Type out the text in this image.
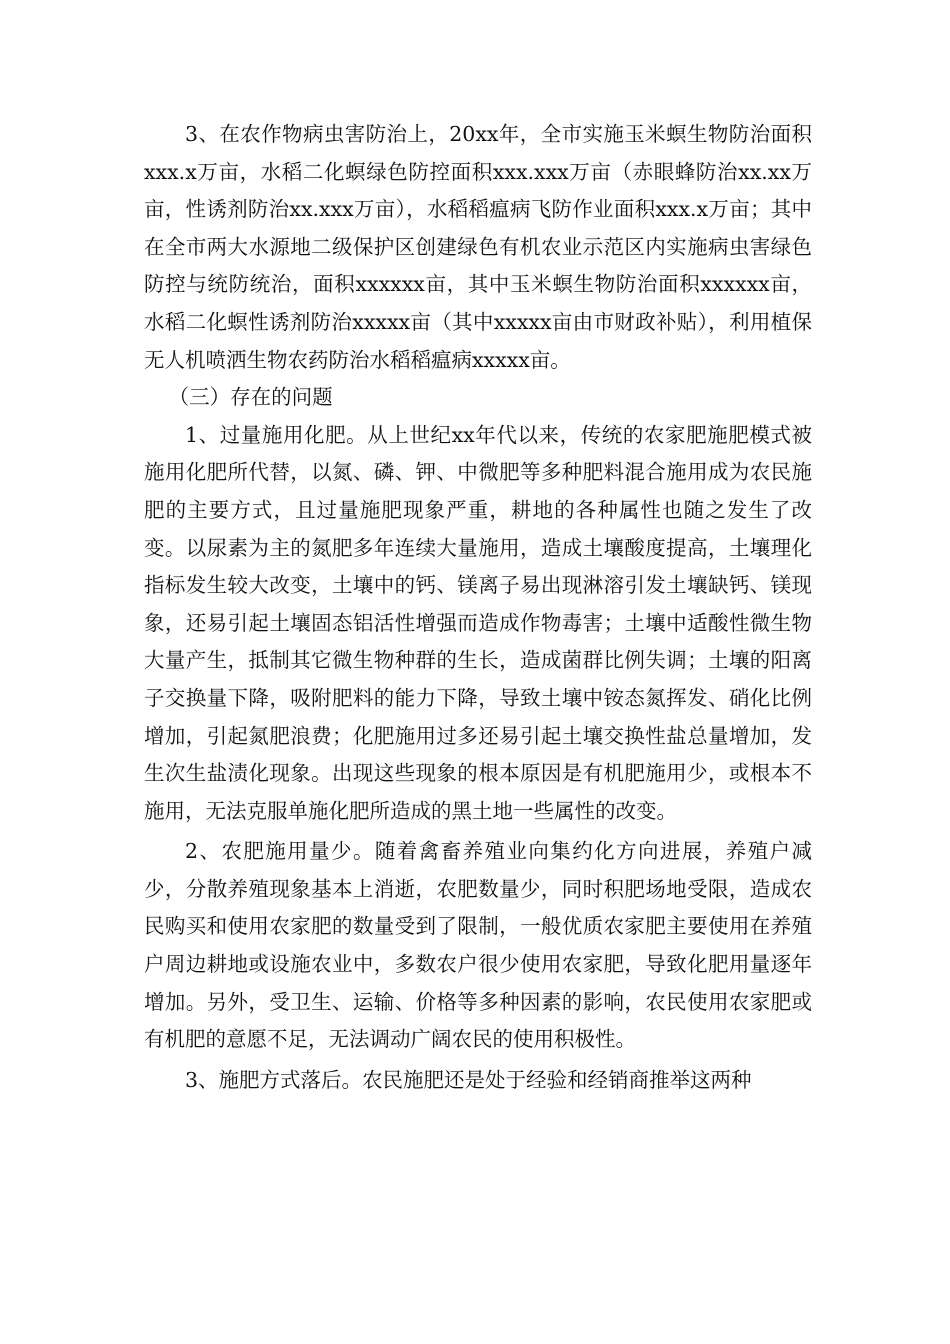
3、在农作物病虫害防治上，20xx年，全市实施玉米螟生物防治面积xxx.x万亩，水稻二化螟绿色防控面积xxx.xxx万亩（赤眼蜂防治xx.xx万亩，性诱剂防治xx.xxx万亩），水稻稻瘟病飞防作业面积xxx.x万亩；其中在全市两大水源地二级保护区创建绿色有机农业示范区内实施病虫害绿色防控与统防统治，面积xxxxxx亩，其中玉米螟生物防治面积xxxxxx亩，水稻二化螟性诱剂防治xxxxx亩（其中xxxxx亩由市财政补贴），利用植保无人机喷洒生物农药防治水稻稻瘟病xxxxx亩。

（三）存在的问题

1、过量施用化肥。从上世纪xx年代以来，传统的农家肥施肥模式被施用化肥所代替，以氮、磷、钾、中微肥等多种肥料混合施用成为农民施肥的主要方式，且过量施肥现象严重，耕地的各种属性也随之发生了改变。以尿素为主的氮肥多年连续大量施用，造成土壤酸度提高，土壤理化指标发生较大改变，土壤中的钙、镁离子易出现淋溶引发土壤缺钙、镁现象，还易引起土壤固态铝活性增强而造成作物毒害；土壤中适酸性微生物大量产生，抵制其它微生物种群的生长，造成菌群比例失调；土壤的阳离子交换量下降，吸附肥料的能力下降，导致土壤中铵态氮挥发、硝化比例增加，引起氮肥浪费；化肥施用过多还易引起土壤交换性盐总量增加，发生次生盐渍化现象。出现这些现象的根本原因是有机肥施用少，或根本不施用，无法克服单施化肥所造成的黑土地一些属性的改变。

2、农肥施用量少。随着禽畜养殖业向集约化方向进展，养殖户减少，分散养殖现象基本上消逝，农肥数量少，同时积肥场地受限，造成农民购买和使用农家肥的数量受到了限制，一般优质农家肥主要使用在养殖户周边耕地或设施农业中，多数农户很少使用农家肥，导致化肥用量逐年增加。另外，受卫生、运输、价格等多种因素的影响，农民使用农家肥或有机肥的意愿不足，无法调动广阔农民的使用积极性。

3、施肥方式落后。农民施肥还是处于经验和经销商推举这两种
